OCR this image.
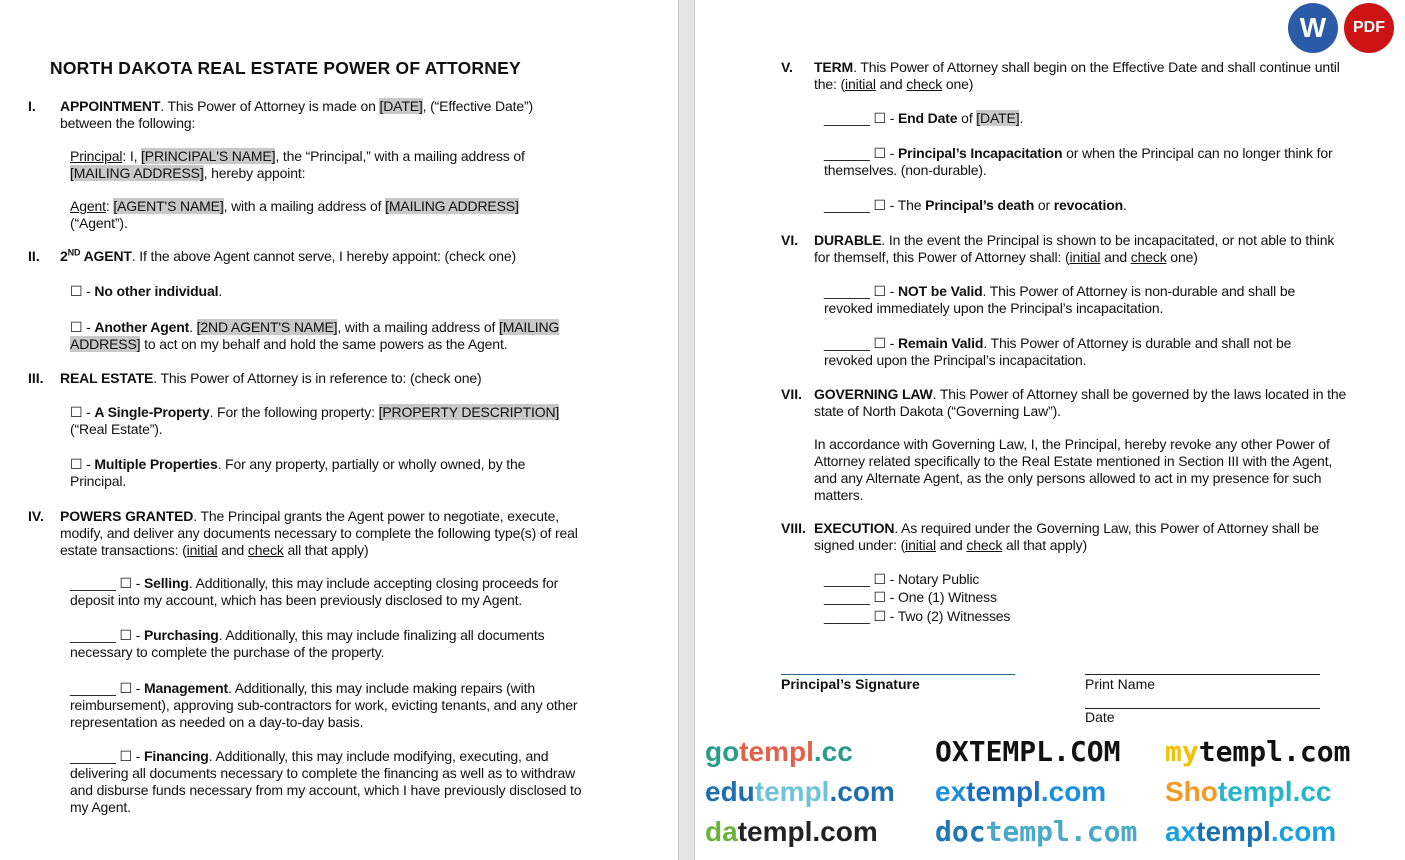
NORTH DAKOTA REAL ESTATE POWER OF ATTORNEY
I.
II.
III.
IV.
APPOINTMENT. This Power of Attorney is made on [DATE], (“Effective Date”) between the following:
Principal: I, [PRINCIPAL'S NAME], the “Principal,” with a mailing address of [MAILING ADDRESS], hereby appoint:
Agent: [AGENT'S NAME], with a mailing address of [MAILING ADDRESS] (“Agent”).
2ND AGENT. If the above Agent cannot serve, I hereby appoint: (check one)
☐ - No other individual.
☐ - Another Agent. [2ND AGENT'S NAME], with a mailing address of [MAILING ADDRESS] to act on my behalf and hold the same powers as the Agent.
REAL ESTATE. This Power of Attorney is in reference to: (check one)
☐ - A Single-Property. For the following property: [PROPERTY DESCRIPTION] (“Real Estate”).
☐ - Multiple Properties. For any property, partially or wholly owned, by the Principal.
POWERS GRANTED. The Principal grants the Agent power to negotiate, execute, modify, and deliver any documents necessary to complete the following type(s) of real estate transactions: (initial and check all that apply)
______ ☐ - Selling. Additionally, this may include accepting closing proceeds for deposit into my account, which has been previously disclosed to my Agent.
______ ☐ - Purchasing. Additionally, this may include finalizing all documents necessary to complete the purchase of the property.
______ ☐ - Management. Additionally, this may include making repairs (with reimbursement), approving sub-contractors for work, evicting tenants, and any other representation as needed on a day-to-day basis.
______ ☐ - Financing. Additionally, this may include modifying, executing, and delivering all documents necessary to complete the financing as well as to withdraw and disburse funds necessary from my account, which I have previously disclosed to my Agent.
Principal’s Signature	Print Name
Date
V.
VI.
VII.
VIII.
TERM. This Power of Attorney shall begin on the Effective Date and shall continue until the: (initial and check one)
______ ☐ - End Date of [DATE].
______ ☐ - Principal’s Incapacitation or when the Principal can no longer think for themselves. (non-durable).
______ ☐ - The Principal’s death or revocation.
DURABLE. In the event the Principal is shown to be incapacitated, or not able to think for themself, this Power of Attorney shall: (initial and check one)
______ ☐ - NOT be Valid. This Power of Attorney is non-durable and shall be revoked immediately upon the Principal’s incapacitation.
______ ☐ - Remain Valid. This Power of Attorney is durable and shall not be revoked upon the Principal’s incapacitation.
GOVERNING LAW. This Power of Attorney shall be governed by the laws located in the state of North Dakota (“Governing Law”).
In accordance with Governing Law, I, the Principal, hereby revoke any other Power of Attorney related specifically to the Real Estate mentioned in Section III with the Agent, and any Alternate Agent, as the only persons allowed to act in my presence for such matters.
EXECUTION. As required under the Governing Law, this Power of Attorney shall be signed under: (initial and check all that apply)
______ ☐ - Notary Public
______ ☐ - One (1) Witness
______ ☐ - Two (2) Witnesses
W PDF
gotempl.cc	OXTEMPL.COM mytempl.com
edutempl.com extempl.com Shotempl.cc
datempl.com doctempl.com axtempl.com
